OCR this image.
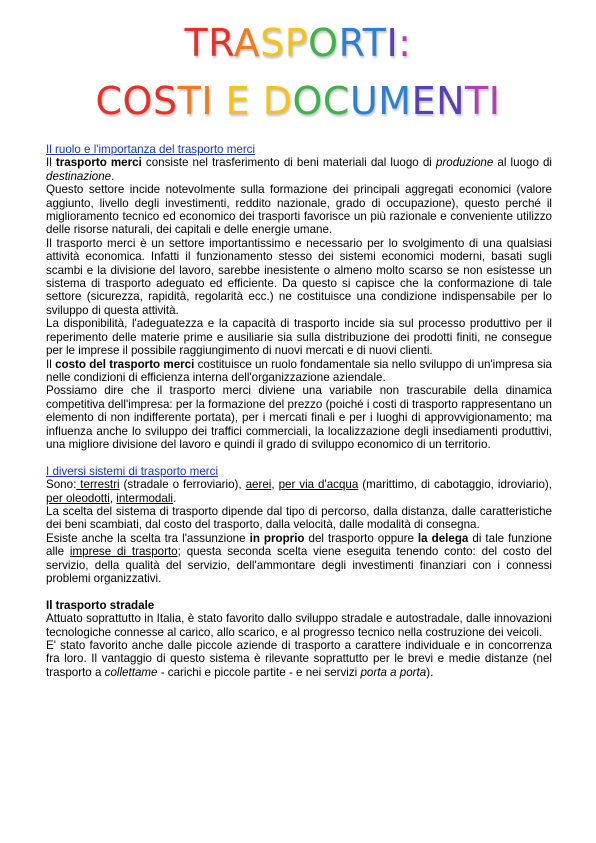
TRASPORTI:
COSTI E DOCUMENTI

Il ruolo e l'importanza del trasporto merci

Il trasporto merci consiste nel trasferimento di beni materiali dal luogo di produzione al luogo di destinazione.

Questo settore incide notevolmente sulla formazione dei principali aggregati economici (valore aggiunto, livello degli investimenti, reddito nazionale, grado di occupazione), questo perché il miglioramento tecnico ed economico dei trasporti favorisce un più razionale e conveniente utilizzo delle risorse naturali, dei capitali e delle energie umane.

Il trasporto merci è un settore importantissimo e necessario per lo svolgimento di una qualsiasi attività economica. Infatti il funzionamento stesso dei sistemi economici moderni, basati sugli scambi e la divisione del lavoro, sarebbe inesistente o almeno molto scarso se non esistesse un sistema di trasporto adeguato ed efficiente. Da questo si capisce che la conformazione di tale settore (sicurezza, rapidità, regolarità ecc.) ne costituisce una condizione indispensabile per lo sviluppo di questa attività.

La disponibilità, l'adeguatezza e la capacità di trasporto incide sia sul processo produttivo per il reperimento delle materie prime e ausiliarie sia sulla distribuzione dei prodotti finiti, ne consegue per le imprese il possibile raggiungimento di nuovi mercati e di nuovi clienti.

Il costo del trasporto merci costituisce un ruolo fondamentale sia nello sviluppo di un'impresa sia nelle condizioni di efficienza interna dell'organizzazione aziendale.

Possiamo dire che il trasporto merci diviene una variabile non trascurabile della dinamica competitiva dell'impresa: per la formazione del prezzo (poiché i costi di trasporto rappresentano un elemento di non indifferente portata), per i mercati finali e per i luoghi di approvvigionamento; ma influenza anche lo sviluppo dei traffici commerciali, la localizzazione degli insediamenti produttivi, una migliore divisione del lavoro e quindi il grado di sviluppo economico di un territorio.

I diversi sistemi di trasporto merci

Sono: terrestri (stradale o ferroviario), aerei, per via d'acqua (marittimo, di cabotaggio, idroviario), per oleodotti, intermodali.

La scelta del sistema di trasporto dipende dal tipo di percorso, dalla distanza, dalle caratteristiche dei beni scambiati, dal costo del trasporto, dalla velocità, dalle modalità di consegna.

Esiste anche la scelta tra l'assunzione in proprio del trasporto oppure la delega di tale funzione alle imprese di trasporto; questa seconda scelta viene eseguita tenendo conto: del costo del servizio, della qualità del servizio, dell'ammontare degli investimenti finanziari con i connessi problemi organizzativi.

Il trasporto stradale

Attuato soprattutto in Italia, è stato favorito dallo sviluppo stradale e autostradale, dalle innovazioni tecnologiche connesse al carico, allo scarico, e al progresso tecnico nella costruzione dei veicoli.

E' stato favorito anche dalle piccole aziende di trasporto a carattere individuale e in concorrenza fra loro. Il vantaggio di questo sistema è rilevante soprattutto per le brevi e medie distanze (nel trasporto a collettame - carichi e piccole partite - e nei servizi porta a porta).
